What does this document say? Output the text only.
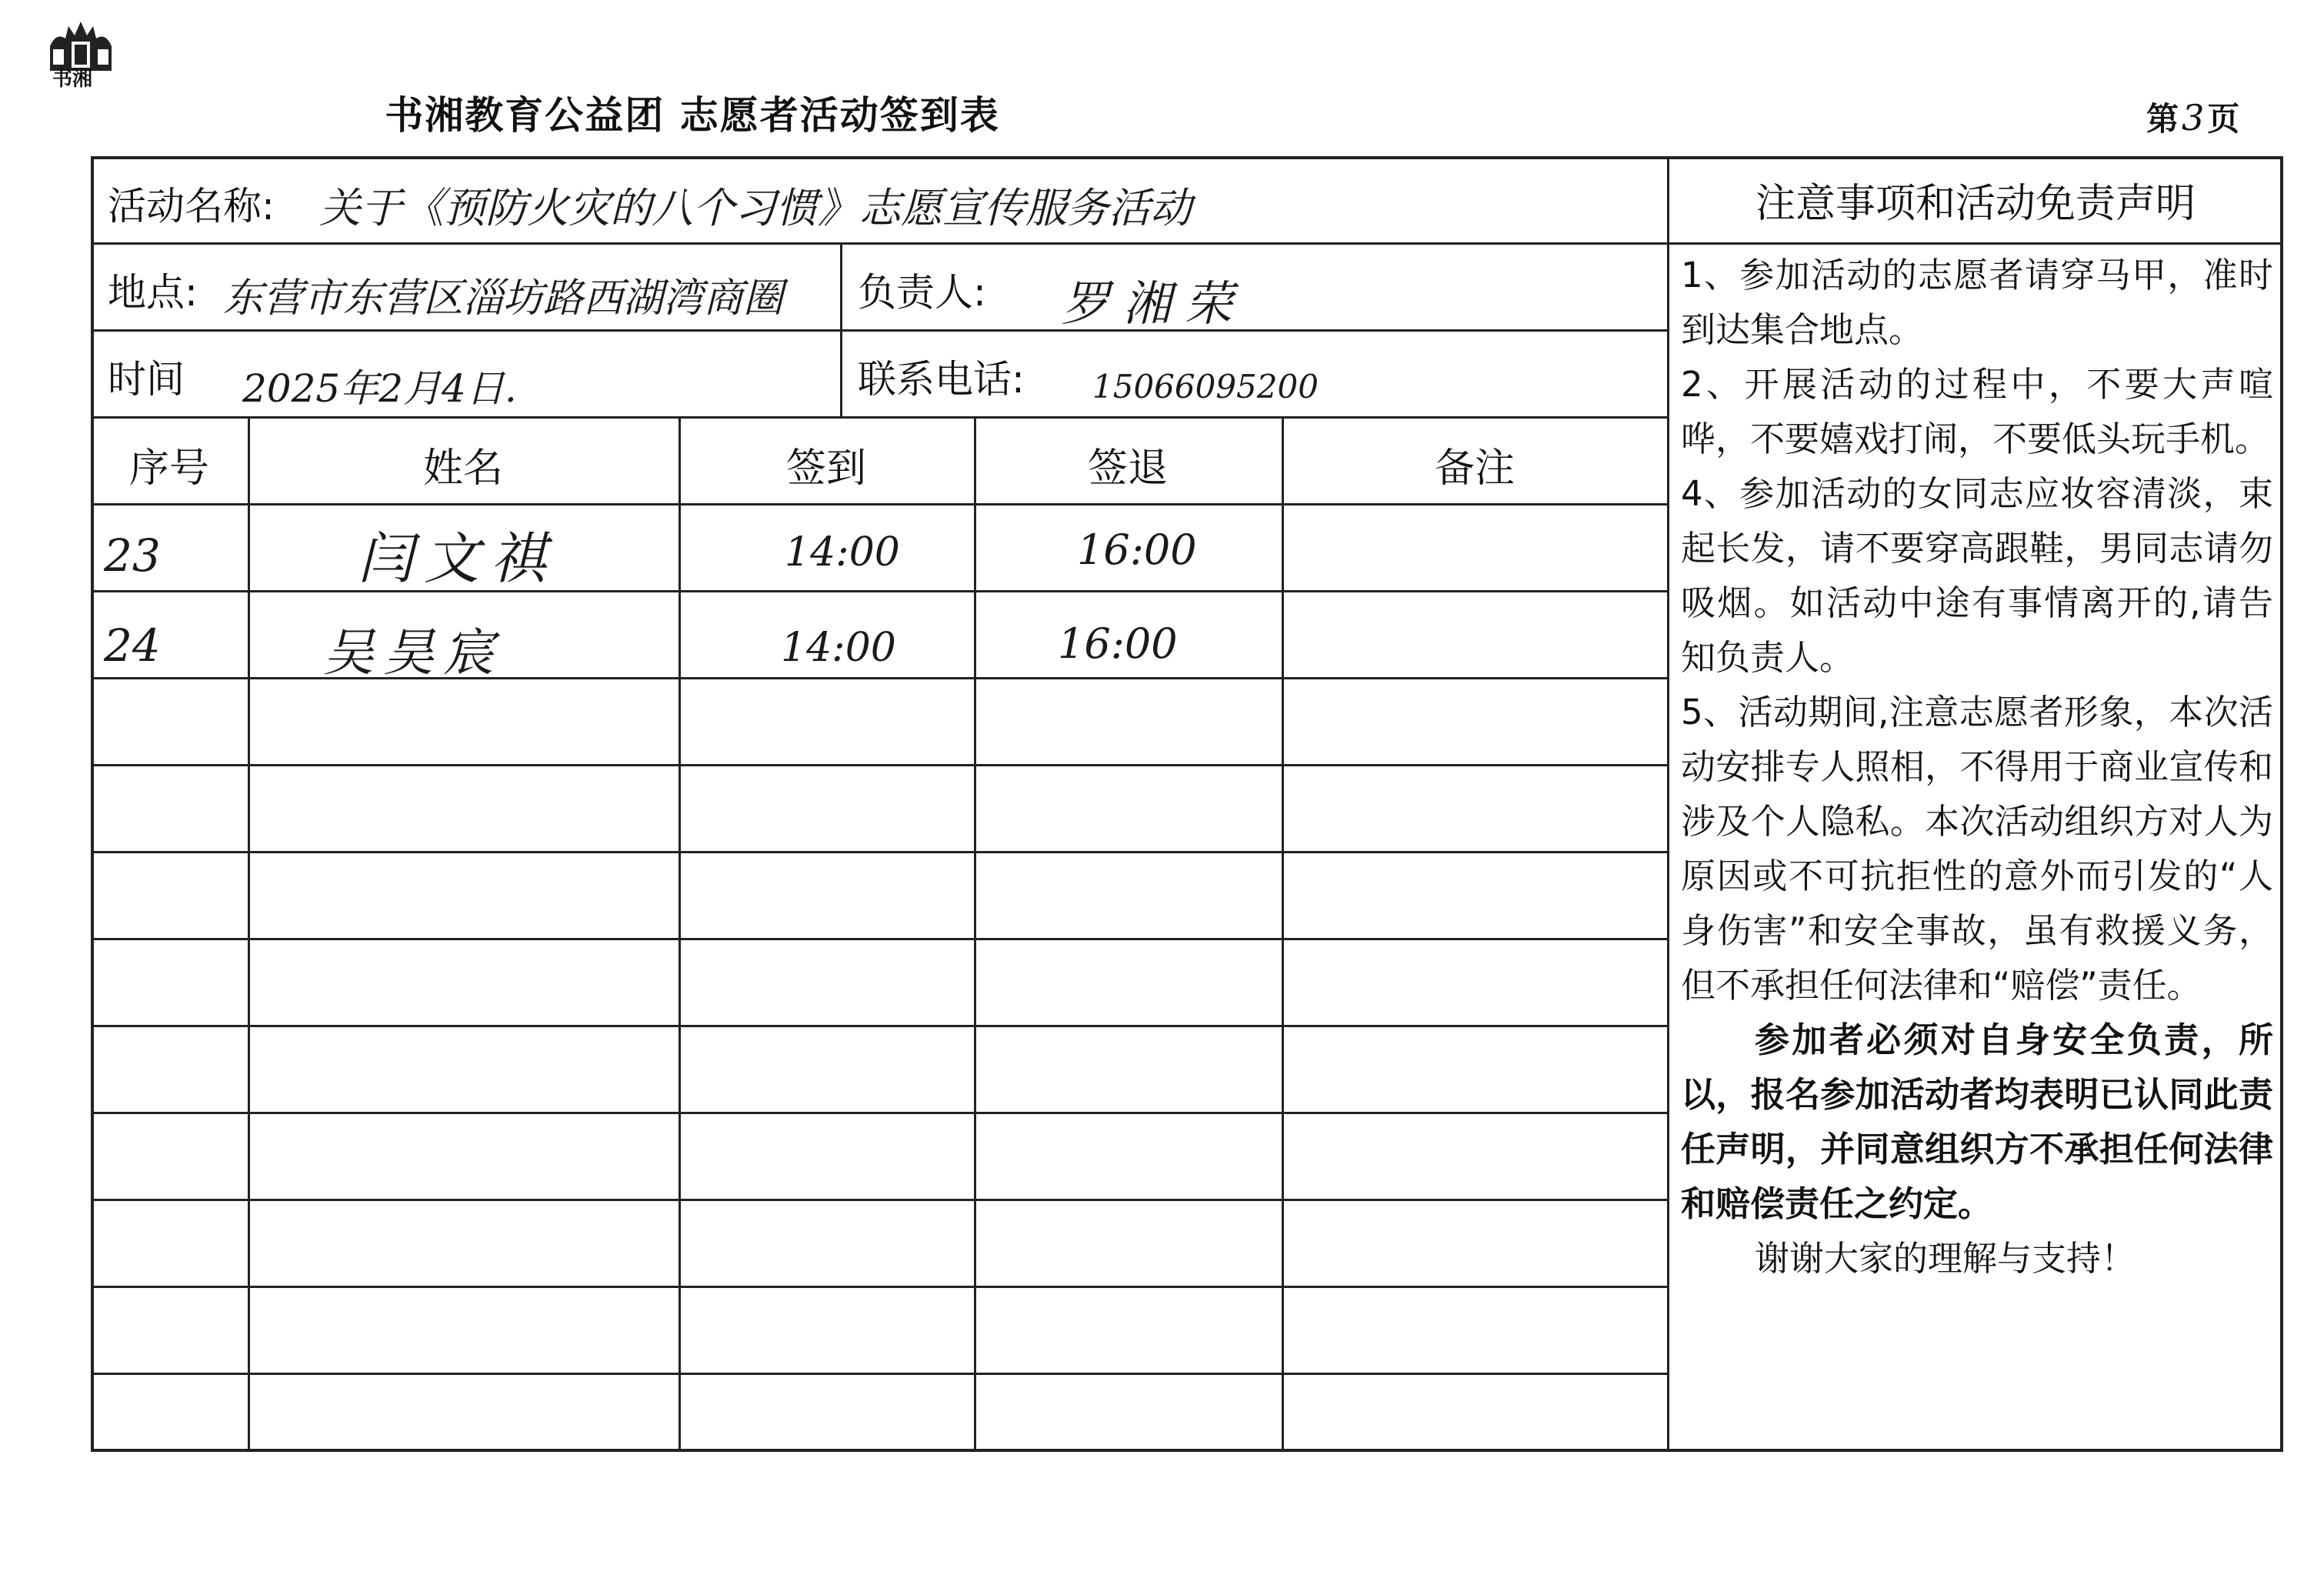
书湘
书湘教育公益团 志愿者活动签到表	第3页
活动名称: 关于《预防火灾的八个习惯》志愿宣传服务活动
地点: 东营市东营区淄坊路西湖湾商圈 负责人: 罗湘荣
时间 2025年2月4日.	联系电话: 15066095200
序号	姓名	签到	签退	备注
23	闫文祺	14:00	16:00
24	吴昊宸	14:00	16:00
注意事项和活动免责声明

1、参加活动的志愿者请穿马甲，准时到达集合地点。

2、开展活动的过程中，不要大声喧哗，不要嬉戏打闹，不要低头玩手机。

4、参加活动的女同志应妆容清淡，束起长发，请不要穿高跟鞋，男同志请勿吸烟。如活动中途有事情离开的,请告知负责人。

5、活动期间,注意志愿者形象，本次活动安排专人照相，不得用于商业宣传和涉及个人隐私。本次活动组织方对人为原因或不可抗拒性的意外而引发的“人身伤害”和安全事故，虽有救援义务，但不承担任何法律和“赔偿”责任。

参加者必须对自身安全负责，所以，报名参加活动者均表明已认同此责任声明，并同意组织方不承担任何法律和赔偿责任之约定。

谢谢大家的理解与支持！
